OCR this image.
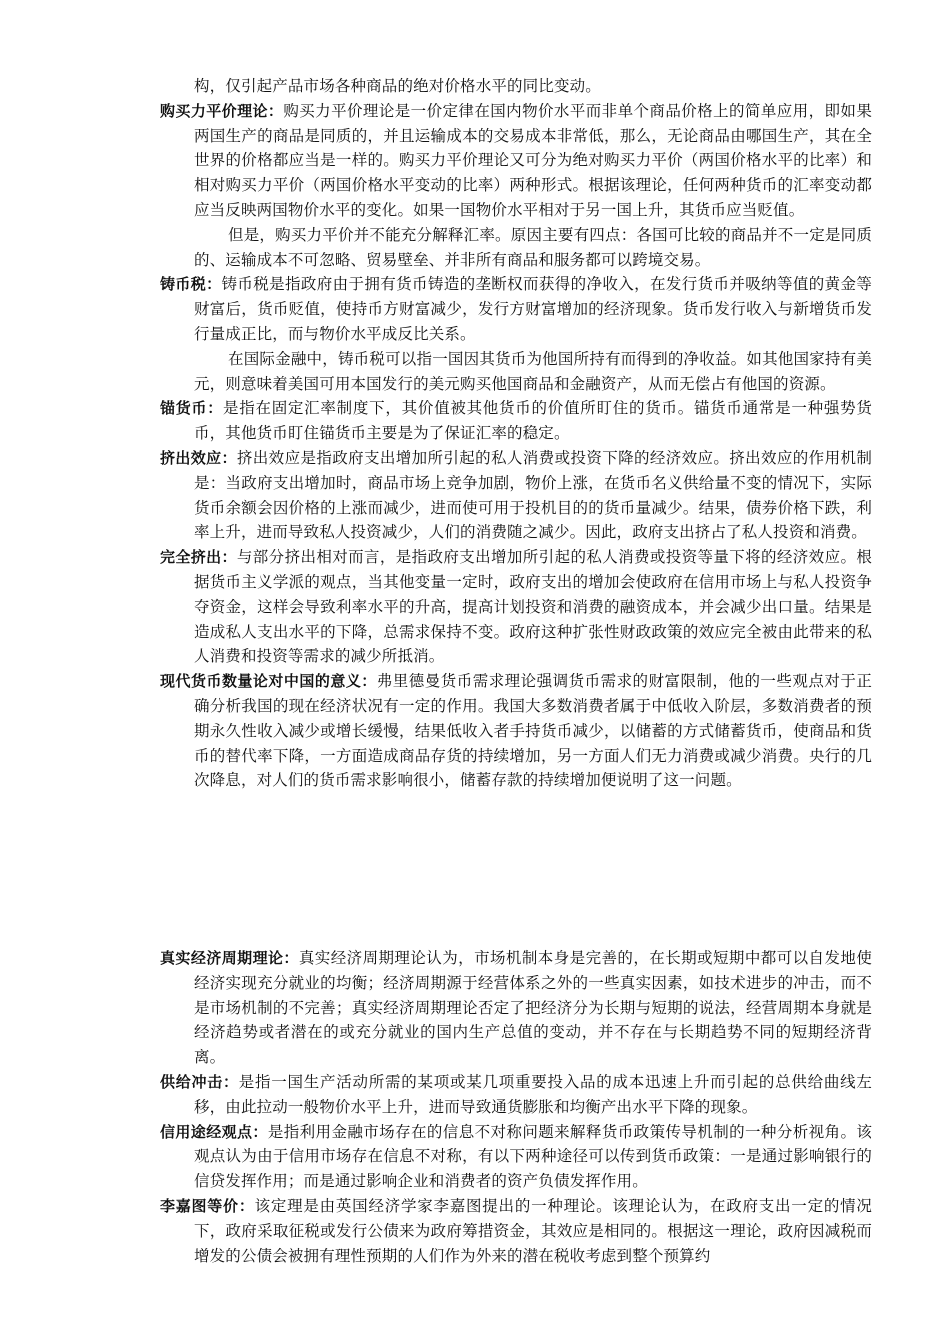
构，仅引起产品市场各种商品的绝对价格水平的同比变动。

购买力平价理论：购买力平价理论是一价定律在国内物价水平而非单个商品价格上的简单应用，即如果两国生产的商品是同质的，并且运输成本的交易成本非常低，那么，无论商品由哪国生产，其在全世界的价格都应当是一样的。购买力平价理论又可分为绝对购买力平价（两国价格水平的比率）和相对购买力平价（两国价格水平变动的比率）两种形式。根据该理论，任何两种货币的汇率变动都应当反映两国物价水平的变化。如果一国物价水平相对于另一国上升，其货币应当贬值。

但是，购买力平价并不能充分解释汇率。原因主要有四点：各国可比较的商品并不一定是同质的、运输成本不可忽略、贸易壁垒、并非所有商品和服务都可以跨境交易。

铸币税：铸币税是指政府由于拥有货币铸造的垄断权而获得的净收入，在发行货币并吸纳等值的黄金等财富后，货币贬值，使持币方财富减少，发行方财富增加的经济现象。货币发行收入与新增货币发行量成正比，而与物价水平成反比关系。

在国际金融中，铸币税可以指一国因其货币为他国所持有而得到的净收益。如其他国家持有美元，则意味着美国可用本国发行的美元购买他国商品和金融资产，从而无偿占有他国的资源。

锚货币：是指在固定汇率制度下，其价值被其他货币的价值所盯住的货币。锚货币通常是一种强势货币，其他货币盯住锚货币主要是为了保证汇率的稳定。

挤出效应：挤出效应是指政府支出增加所引起的私人消费或投资下降的经济效应。挤出效应的作用机制是：当政府支出增加时，商品市场上竞争加剧，物价上涨，在货币名义供给量不变的情况下，实际货币余额会因价格的上涨而减少，进而使可用于投机目的的货币量减少。结果，债券价格下跌，利率上升，进而导致私人投资减少，人们的消费随之减少。因此，政府支出挤占了私人投资和消费。

完全挤出：与部分挤出相对而言，是指政府支出增加所引起的私人消费或投资等量下将的经济效应。根据货币主义学派的观点，当其他变量一定时，政府支出的增加会使政府在信用市场上与私人投资争夺资金，这样会导致利率水平的升高，提高计划投资和消费的融资成本，并会减少出口量。结果是造成私人支出水平的下降，总需求保持不变。政府这种扩张性财政政策的效应完全被由此带来的私人消费和投资等需求的减少所抵消。

现代货币数量论对中国的意义：弗里德曼货币需求理论强调货币需求的财富限制，他的一些观点对于正确分析我国的现在经济状况有一定的作用。我国大多数消费者属于中低收入阶层，多数消费者的预期永久性收入减少或增长缓慢，结果低收入者手持货币减少，以储蓄的方式储蓄货币，使商品和货币的替代率下降，一方面造成商品存货的持续增加，另一方面人们无力消费或减少消费。央行的几次降息，对人们的货币需求影响很小，储蓄存款的持续增加便说明了这一问题。

真实经济周期理论：真实经济周期理论认为，市场机制本身是完善的，在长期或短期中都可以自发地使经济实现充分就业的均衡；经济周期源于经营体系之外的一些真实因素，如技术进步的冲击，而不是市场机制的不完善；真实经济周期理论否定了把经济分为长期与短期的说法，经营周期本身就是经济趋势或者潜在的或充分就业的国内生产总值的变动，并不存在与长期趋势不同的短期经济背离。

供给冲击：是指一国生产活动所需的某项或某几项重要投入品的成本迅速上升而引起的总供给曲线左移，由此拉动一般物价水平上升，进而导致通货膨胀和均衡产出水平下降的现象。

信用途经观点：是指利用金融市场存在的信息不对称问题来解释货币政策传导机制的一种分析视角。该观点认为由于信用市场存在信息不对称，有以下两种途径可以传到货币政策：一是通过影响银行的信贷发挥作用；而是通过影响企业和消费者的资产负债发挥作用。

李嘉图等价：该定理是由英国经济学家李嘉图提出的一种理论。该理论认为，在政府支出一定的情况下，政府采取征税或发行公债来为政府筹措资金，其效应是相同的。根据这一理论，政府因减税而增发的公债会被拥有理性预期的人们作为外来的潜在税收考虑到整个预算约
